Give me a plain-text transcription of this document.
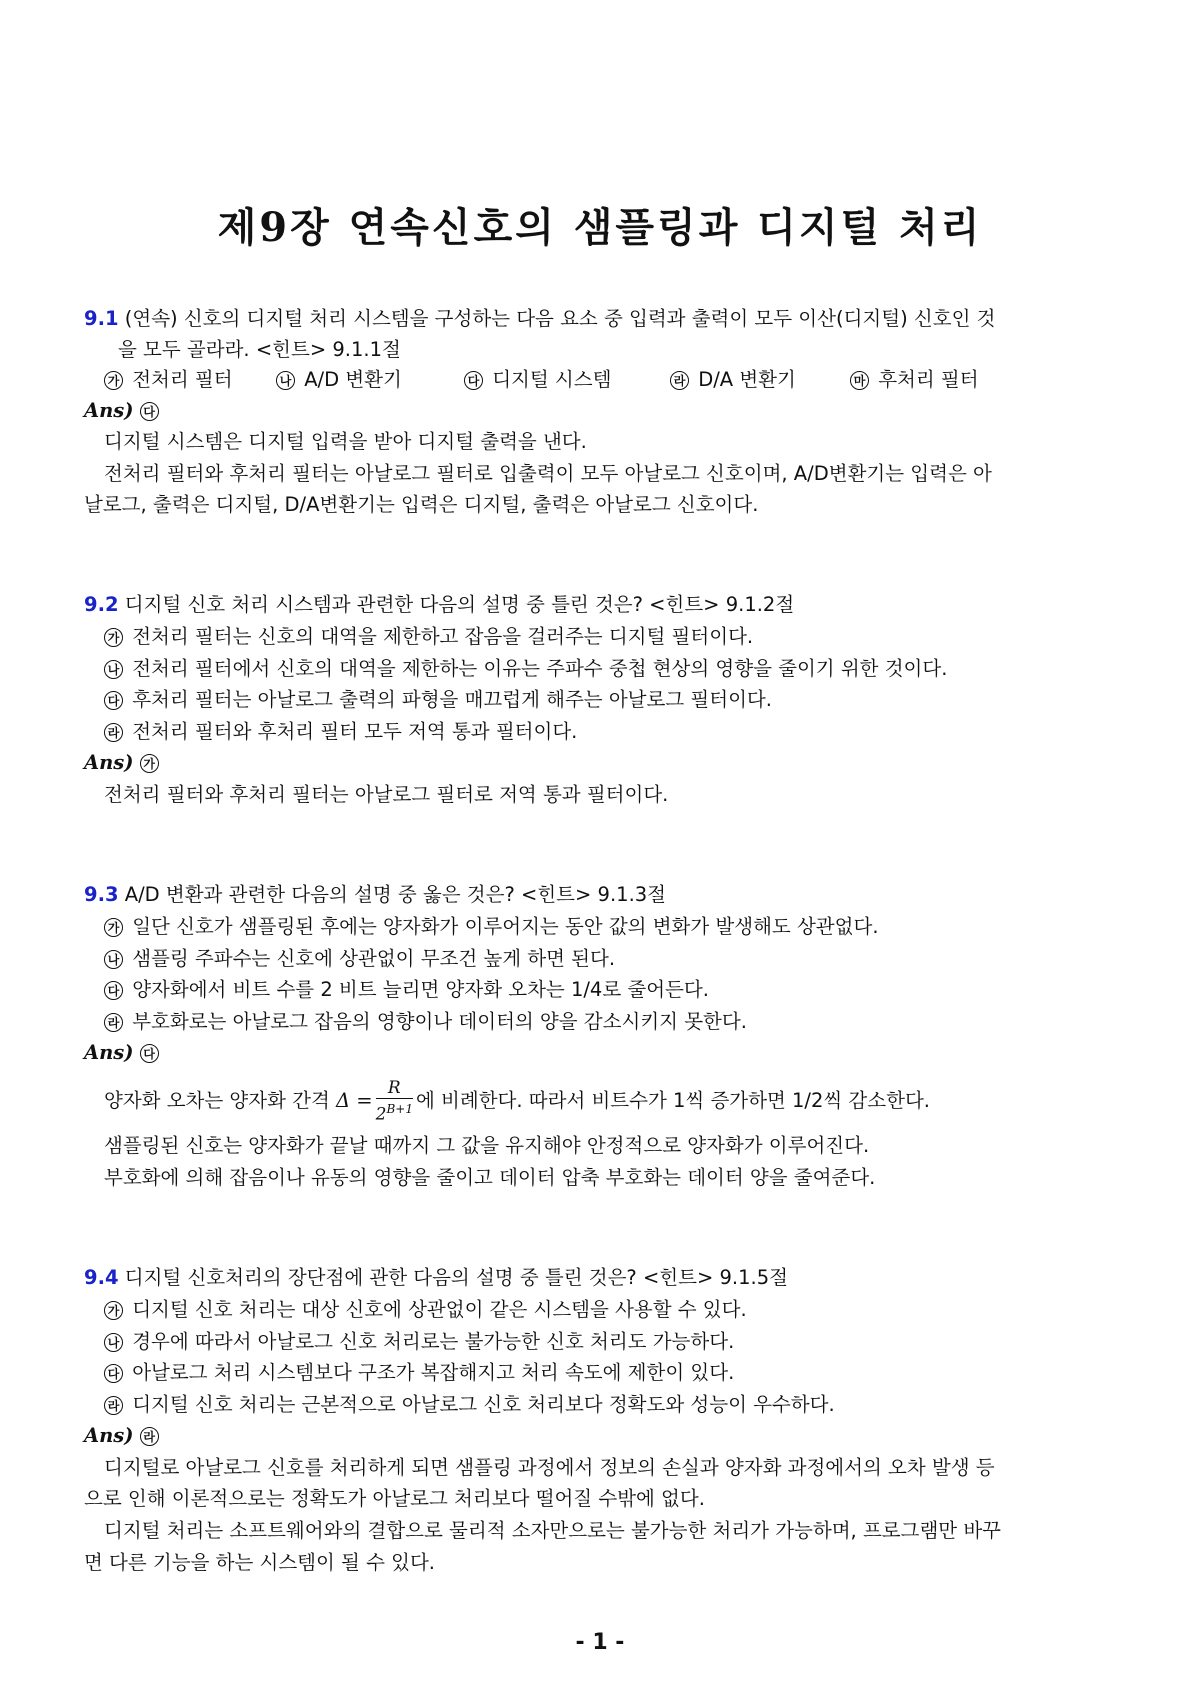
제9장 연속신호의 샘플링과 디지털 처리
9.1 (연속) 신호의 디지털 처리 시스템을 구성하는 다음 요소 중 입력과 출력이 모두 이산(디지털) 신호인 것
을 모두 골라라. <힌트> 9.1.1절
가 전처리 필터	나 A/D 변환기	다 디지털 시스템	라 D/A 변환기	마 후처리 필터
Ans) 다
디지털 시스템은 디지털 입력을 받아 디지털 출력을 낸다.
전처리 필터와 후처리 필터는 아날로그 필터로 입출력이 모두 아날로그 신호이며, A/D변환기는 입력은 아
날로그, 출력은 디지털, D/A변환기는 입력은 디지털, 출력은 아날로그 신호이다.
9.2 디지털 신호 처리 시스템과 관련한 다음의 설명 중 틀린 것은? <힌트> 9.1.2절
가 전처리 필터는 신호의 대역을 제한하고 잡음을 걸러주는 디지털 필터이다.
나 전처리 필터에서 신호의 대역을 제한하는 이유는 주파수 중첩 현상의 영향을 줄이기 위한 것이다.
다 후처리 필터는 아날로그 출력의 파형을 매끄럽게 해주는 아날로그 필터이다.
라 전처리 필터와 후처리 필터 모두 저역 통과 필터이다.
Ans) 가
전처리 필터와 후처리 필터는 아날로그 필터로 저역 통과 필터이다.
9.3 A/D 변환과 관련한 다음의 설명 중 옳은 것은? <힌트> 9.1.3절
가 일단 신호가 샘플링된 후에는 양자화가 이루어지는 동안 값의 변화가 발생해도 상관없다.
나 샘플링 주파수는 신호에 상관없이 무조건 높게 하면 된다.
다 양자화에서 비트 수를 2 비트 늘리면 양자화 오차는 1/4로 줄어든다.
라 부호화로는 아날로그 잡음의 영향이나 데이터의 양을 감소시키지 못한다.
Ans) 다
양자화 오차는 양자화 간격 $\Delta = \frac{R}{2^{B+1}}$ 에 비례한다. 따라서 비트수가 1씩 증가하면 1/2씩 감소한다.
샘플링된 신호는 양자화가 끝날 때까지 그 값을 유지해야 안정적으로 양자화가 이루어진다.
부호화에 의해 잡음이나 유동의 영향을 줄이고 데이터 압축 부호화는 데이터 양을 줄여준다.
9.4 디지털 신호처리의 장단점에 관한 다음의 설명 중 틀린 것은? <힌트> 9.1.5절
가 디지털 신호 처리는 대상 신호에 상관없이 같은 시스템을 사용할 수 있다.
나 경우에 따라서 아날로그 신호 처리로는 불가능한 신호 처리도 가능하다.
다 아날로그 처리 시스템보다 구조가 복잡해지고 처리 속도에 제한이 있다.
라 디지털 신호 처리는 근본적으로 아날로그 신호 처리보다 정확도와 성능이 우수하다.
Ans) 라
디지털로 아날로그 신호를 처리하게 되면 샘플링 과정에서 정보의 손실과 양자화 과정에서의 오차 발생 등
으로 인해 이론적으로는 정확도가 아날로그 처리보다 떨어질 수밖에 없다.
디지털 처리는 소프트웨어와의 결합으로 물리적 소자만으로는 불가능한 처리가 가능하며, 프로그램만 바꾸
면 다른 기능을 하는 시스템이 될 수 있다.
- 1 -
